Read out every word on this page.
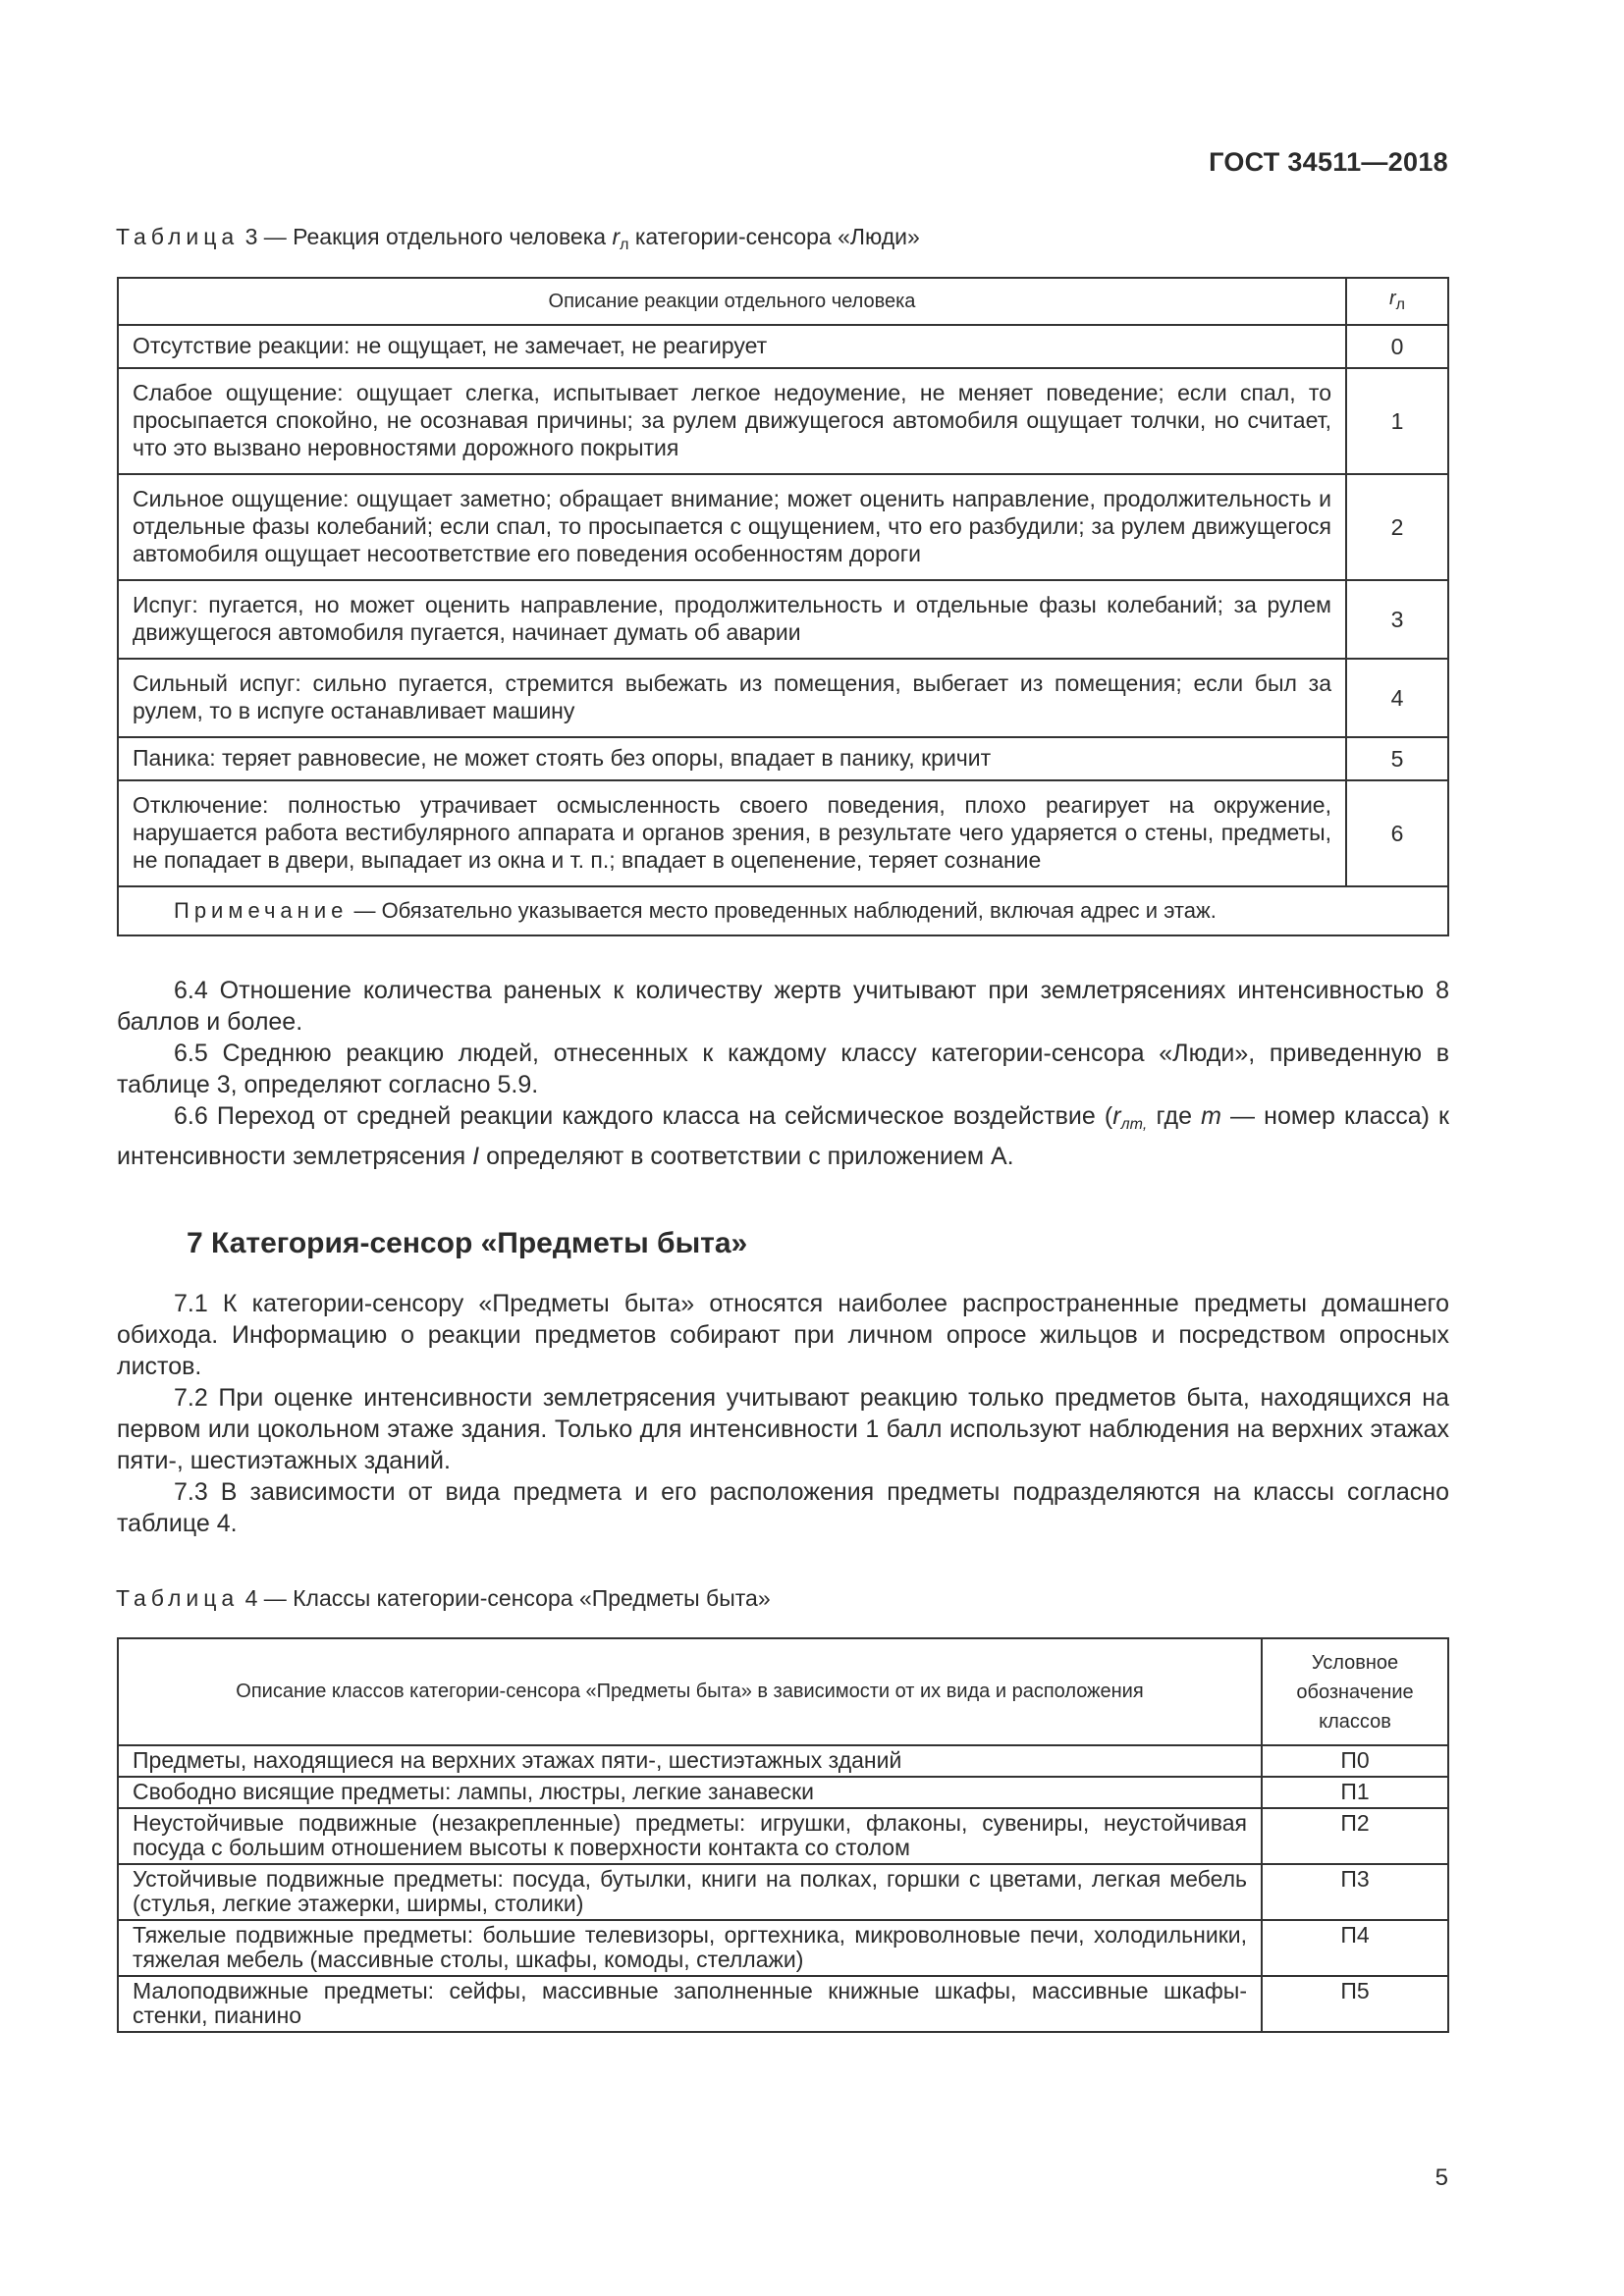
ГОСТ 34511—2018
Таблица 3 — Реакция отдельного человека $r_л$ категории-сенсора «Люди»
Описание реакции отдельного человека	$r_л$
Отсутствие реакции: не ощущает, не замечает, не реагирует	0
Слабое ощущение: ощущает слегка, испытывает легкое недоумение, не меняет поведение; если спал, то просыпается спокойно, не осознавая причины; за рулем движущегося автомобиля ощущает толчки, но считает, что это вызвано неровностями дорожного покрытия	1
Сильное ощущение: ощущает заметно; обращает внимание; может оценить направление, продолжительность и отдельные фазы колебаний; если спал, то просыпается с ощущением, что его разбудили; за рулем движущегося автомобиля ощущает несоответствие его поведения особенностям дороги	2
Испуг: пугается, но может оценить направление, продолжительность и отдельные фазы колебаний; за рулем движущегося автомобиля пугается, начинает думать об аварии	3
Сильный испуг: сильно пугается, стремится выбежать из помещения, выбегает из помещения; если был за рулем, то в испуге останавливает машину	4
Паника: теряет равновесие, не может стоять без опоры, впадает в панику, кричит	5
Отключение: полностью утрачивает осмысленность своего поведения, плохо реагирует на окружение, нарушается работа вестибулярного аппарата и органов зрения, в результате чего ударяется о стены, предметы, не попадает в двери, выпадает из окна и т. п.; впадает в оцепенение, теряет сознание	6
Примечание — Обязательно указывается место проведенных наблюдений, включая адрес и этаж.	

6.4 Отношение количества раненых к количеству жертв учитывают при землетрясениях интенсивностью 8 баллов и более.

6.5 Среднюю реакцию людей, отнесенных к каждому классу категории-сенсора «Люди», приведенную в таблице 3, определяют согласно 5.9.

6.6 Переход от средней реакции каждого класса на сейсмическое воздействие ($r_{лm,}$ где m — номер класса) к интенсивности землетрясения I определяют в соответствии с приложением А.

7 Категория-сенсор «Предметы быта»

7.1 К категории-сенсору «Предметы быта» относятся наиболее распространенные предметы домашнего обихода. Информацию о реакции предметов собирают при личном опросе жильцов и посредством опросных листов.

7.2 При оценке интенсивности землетрясения учитывают реакцию только предметов быта, находящихся на первом или цокольном этаже здания. Только для интенсивности 1 балл используют наблюдения на верхних этажах пяти-, шестиэтажных зданий.

7.3 В зависимости от вида предмета и его расположения предметы подразделяются на классы согласно таблице 4.

Таблица 4 — Классы категории-сенсора «Предметы быта»
Описание классов категории-сенсора «Предметы быта» в зависимости от их вида и расположения	Условное обозначение классов
Предметы, находящиеся на верхних этажах пяти-, шестиэтажных зданий	П0
Свободно висящие предметы: лампы, люстры, легкие занавески	П1
Неустойчивые подвижные (незакрепленные) предметы: игрушки, флаконы, сувениры, неустойчивая посуда с большим отношением высоты к поверхности контакта со столом	П2
Устойчивые подвижные предметы: посуда, бутылки, книги на полках, горшки с цветами, легкая мебель (стулья, легкие этажерки, ширмы, столики)	П3
Тяжелые подвижные предметы: большие телевизоры, оргтехника, микроволновые печи, холодильники, тяжелая мебель (массивные столы, шкафы, комоды, стеллажи)	П4
Малоподвижные предметы: сейфы, массивные заполненные книжные шкафы, массивные шкафы-стенки, пианино	П5
5
